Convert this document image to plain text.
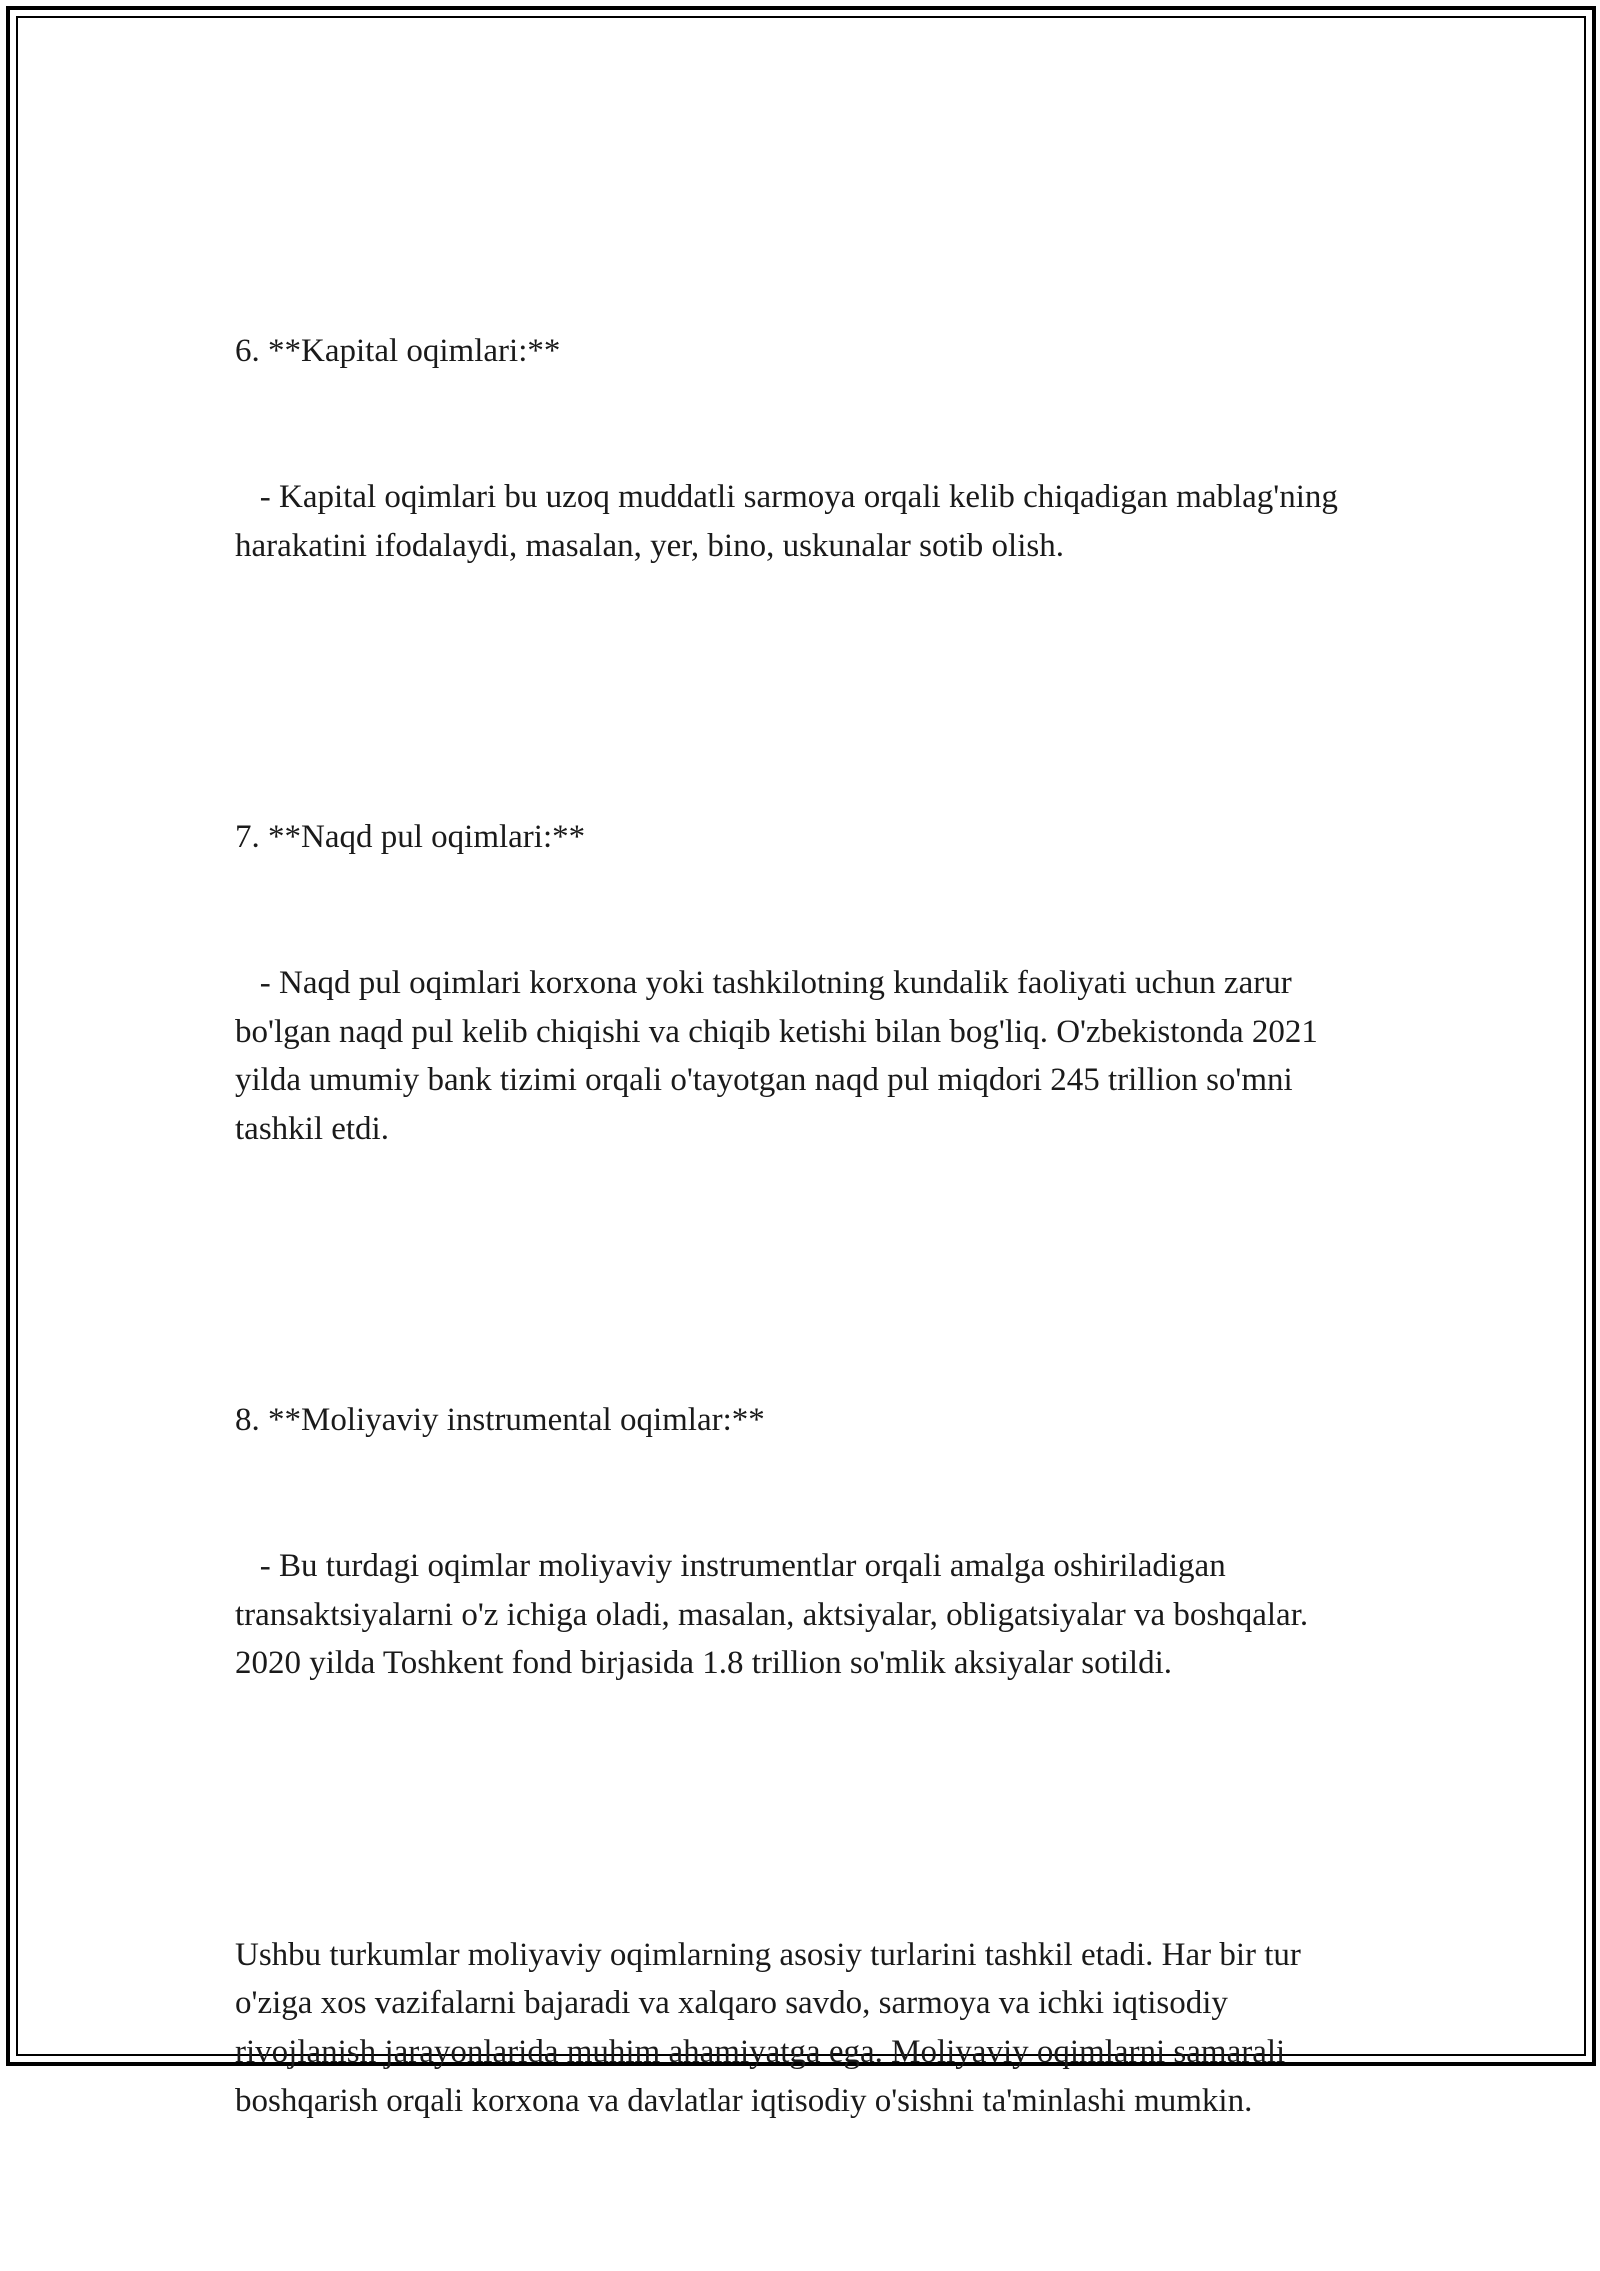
6. **Kapital oqimlari:**

- Kapital oqimlari bu uzoq muddatli sarmoya orqali kelib chiqadigan mablag'ning harakatini ifodalaydi, masalan, yer, bino, uskunalar sotib olish.

7. **Naqd pul oqimlari:**

- Naqd pul oqimlari korxona yoki tashkilotning kundalik faoliyati uchun zarur bo'lgan naqd pul kelib chiqishi va chiqib ketishi bilan bog'liq. O'zbekistonda 2021 yilda umumiy bank tizimi orqali o'tayotgan naqd pul miqdori 245 trillion so'mni tashkil etdi.

8. **Moliyaviy instrumental oqimlar:**

- Bu turdagi oqimlar moliyaviy instrumentlar orqali amalga oshiriladigan transaktsiyalarni o'z ichiga oladi, masalan, aktsiyalar, obligatsiyalar va boshqalar. 2020 yilda Toshkent fond birjasida 1.8 trillion so'mlik aksiyalar sotildi.

Ushbu turkumlar moliyaviy oqimlarning asosiy turlarini tashkil etadi. Har bir tur o'ziga xos vazifalarni bajaradi va xalqaro savdo, sarmoya va ichki iqtisodiy rivojlanish jarayonlarida muhim ahamiyatga ega. Moliyaviy oqimlarni samarali boshqarish orqali korxona va davlatlar iqtisodiy o'sishni ta'minlashi mumkin.
